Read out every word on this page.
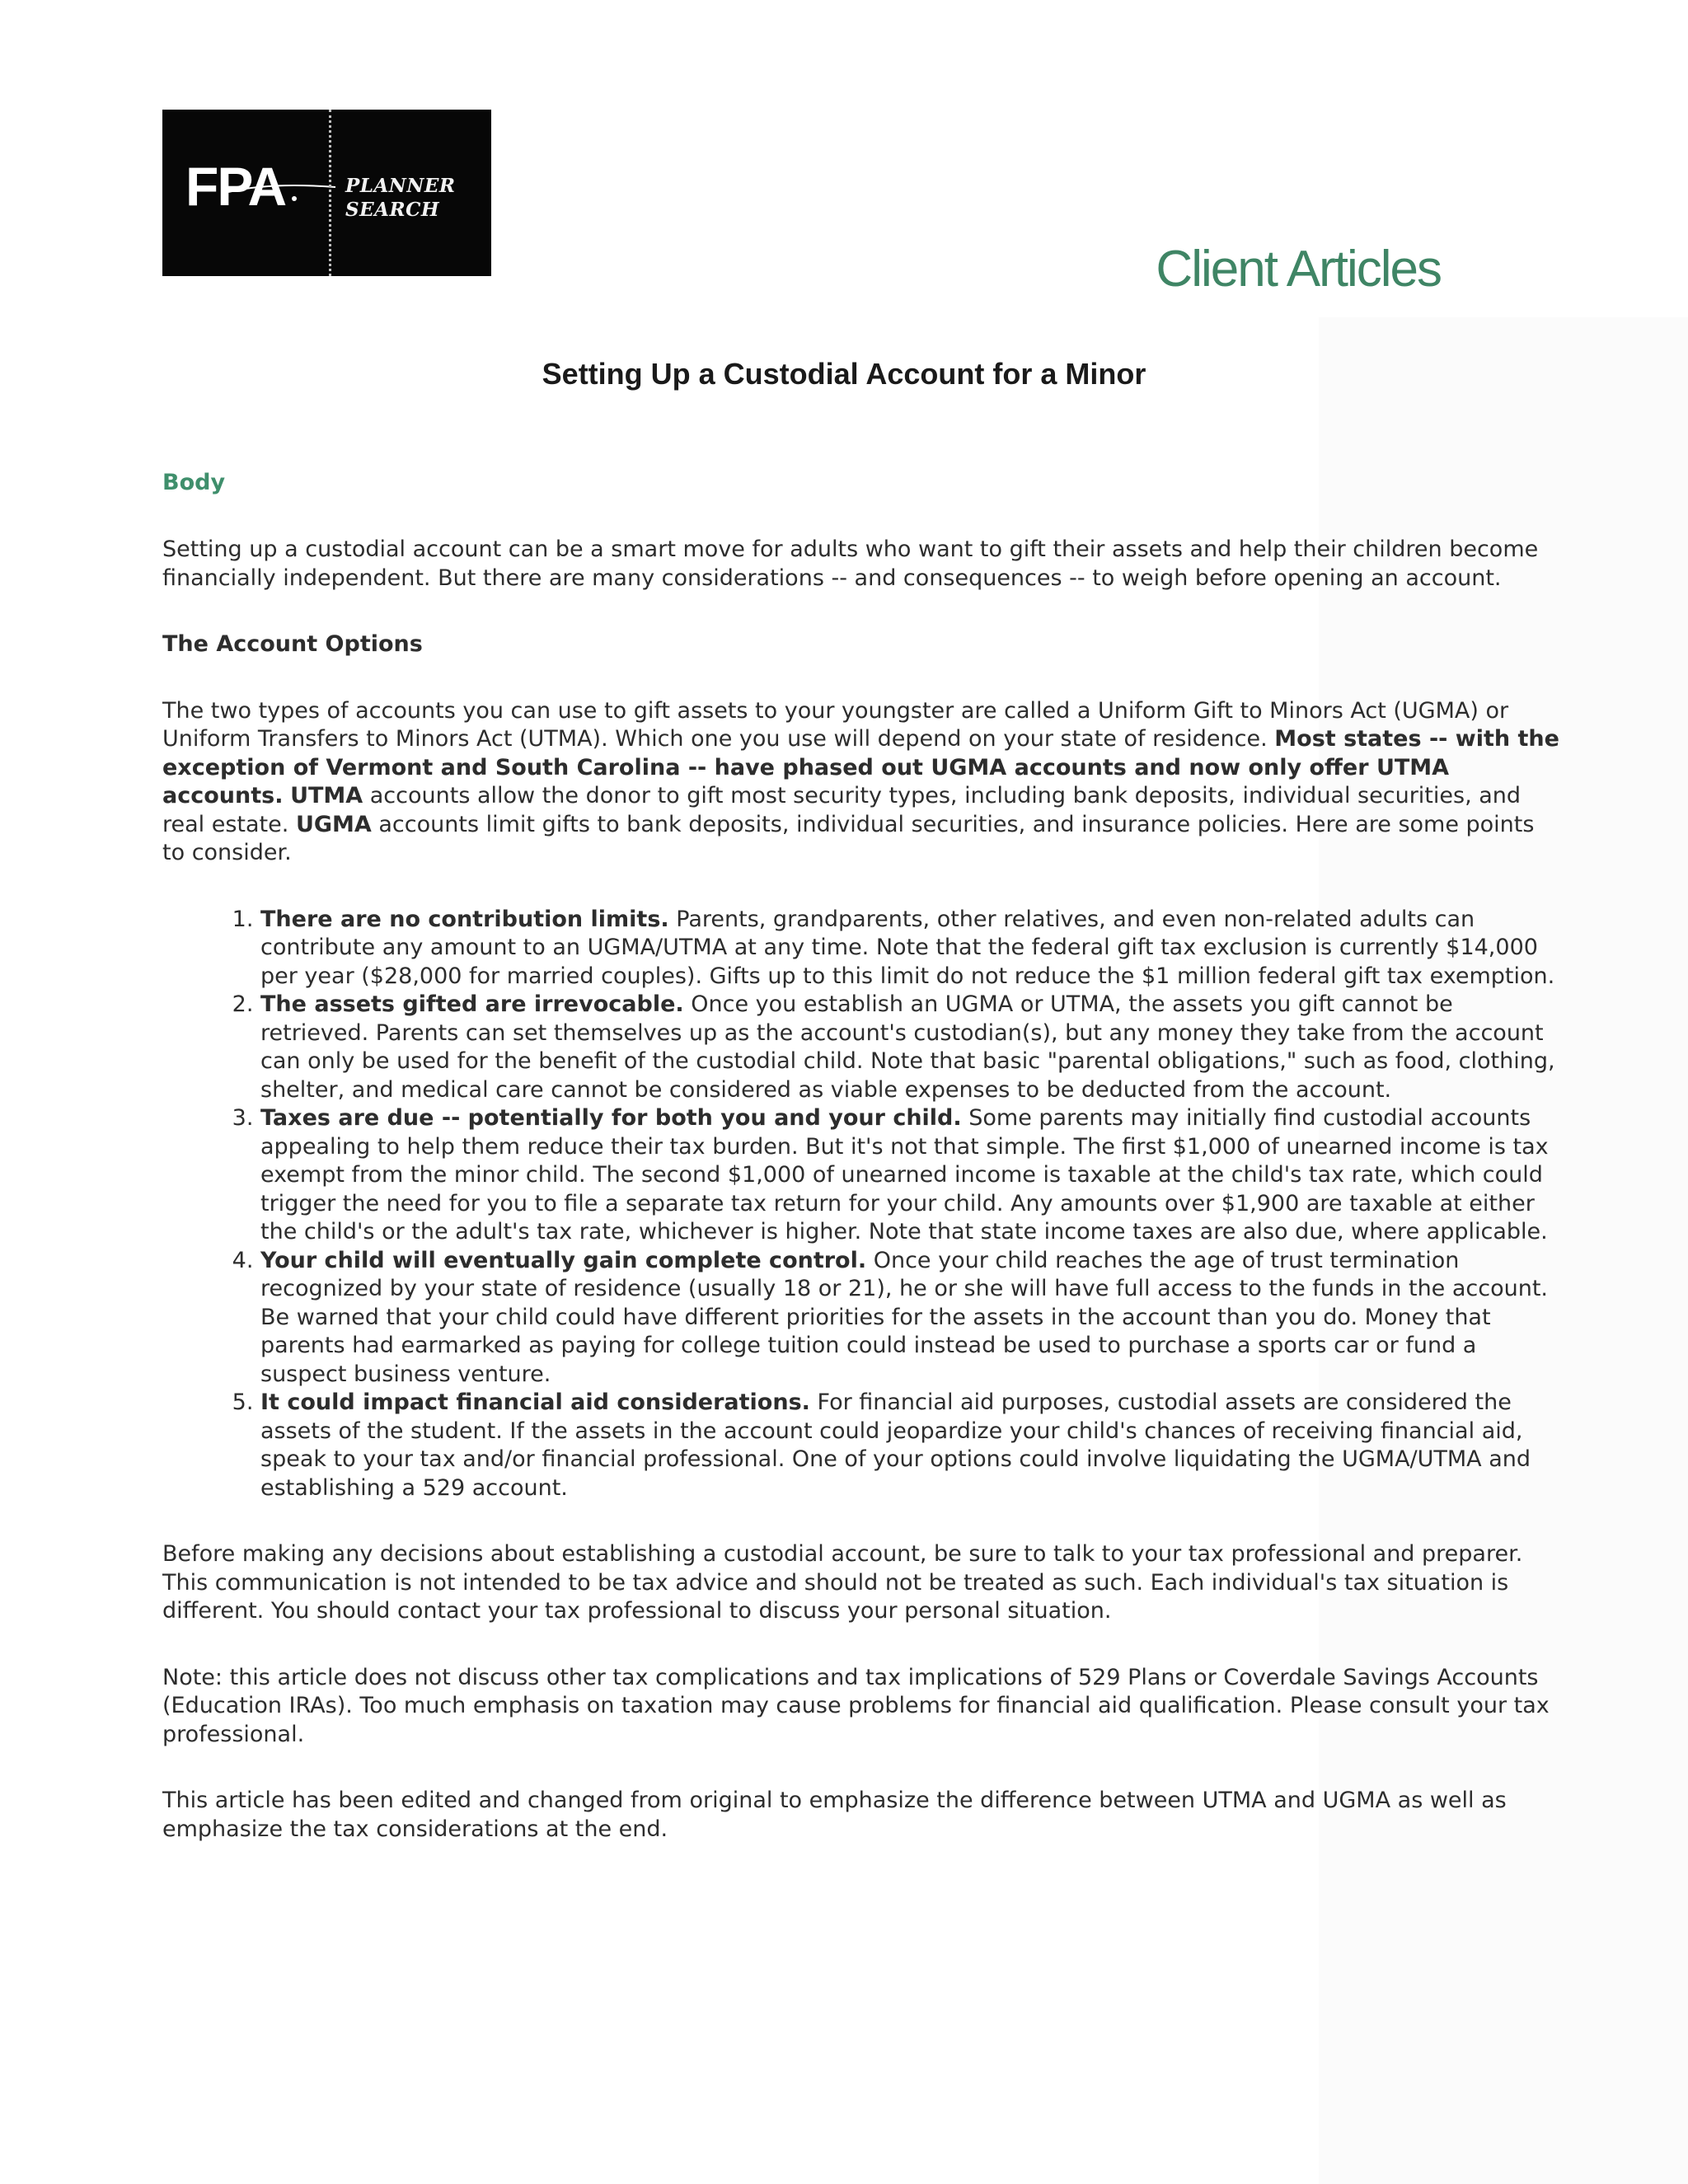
FPA	PLANNER
SEARCH
Client Articles
Setting Up a Custodial Account for a Minor

Body

Setting up a custodial account can be a smart move for adults who want to gift their assets and help their children become financially independent. But there are many considerations -- and consequences -- to weigh before opening an account.

The Account Options

The two types of accounts you can use to gift assets to your youngster are called a Uniform Gift to Minors Act (UGMA) or Uniform Transfers to Minors Act (UTMA). Which one you use will depend on your state of residence. Most states -- with the exception of Vermont and South Carolina -- have phased out UGMA accounts and now only offer UTMA accounts. UTMA accounts allow the donor to gift most security types, including bank deposits, individual securities, and real estate. UGMA accounts limit gifts to bank deposits, individual securities, and insurance policies. Here are some points to consider.

1. There are no contribution limits. Parents, grandparents, other relatives, and even non-related adults can contribute any amount to an UGMA/UTMA at any time. Note that the federal gift tax exclusion is currently $14,000 per year ($28,000 for married couples). Gifts up to this limit do not reduce the $1 million federal gift tax exemption.
2. The assets gifted are irrevocable. Once you establish an UGMA or UTMA, the assets you gift cannot be retrieved. Parents can set themselves up as the account's custodian(s), but any money they take from the account can only be used for the benefit of the custodial child. Note that basic "parental obligations," such as food, clothing, shelter, and medical care cannot be considered as viable expenses to be deducted from the account.
3. Taxes are due -- potentially for both you and your child. Some parents may initially find custodial accounts appealing to help them reduce their tax burden. But it's not that simple. The first $1,000 of unearned income is tax exempt from the minor child. The second $1,000 of unearned income is taxable at the child's tax rate, which could trigger the need for you to file a separate tax return for your child. Any amounts over $1,900 are taxable at either the child's or the adult's tax rate, whichever is higher. Note that state income taxes are also due, where applicable.
4. Your child will eventually gain complete control. Once your child reaches the age of trust termination recognized by your state of residence (usually 18 or 21), he or she will have full access to the funds in the account. Be warned that your child could have different priorities for the assets in the account than you do. Money that parents had earmarked as paying for college tuition could instead be used to purchase a sports car or fund a suspect business venture.
5. It could impact financial aid considerations. For financial aid purposes, custodial assets are considered the assets of the student. If the assets in the account could jeopardize your child's chances of receiving financial aid, speak to your tax and/or financial professional. One of your options could involve liquidating the UGMA/UTMA and establishing a 529 account.

Before making any decisions about establishing a custodial account, be sure to talk to your tax professional and preparer. This communication is not intended to be tax advice and should not be treated as such. Each individual's tax situation is different. You should contact your tax professional to discuss your personal situation.

Note: this article does not discuss other tax complications and tax implications of 529 Plans or Coverdale Savings Accounts (Education IRAs). Too much emphasis on taxation may cause problems for financial aid qualification. Please consult your tax professional.

This article has been edited and changed from original to emphasize the difference between UTMA and UGMA as well as emphasize the tax considerations at the end.
